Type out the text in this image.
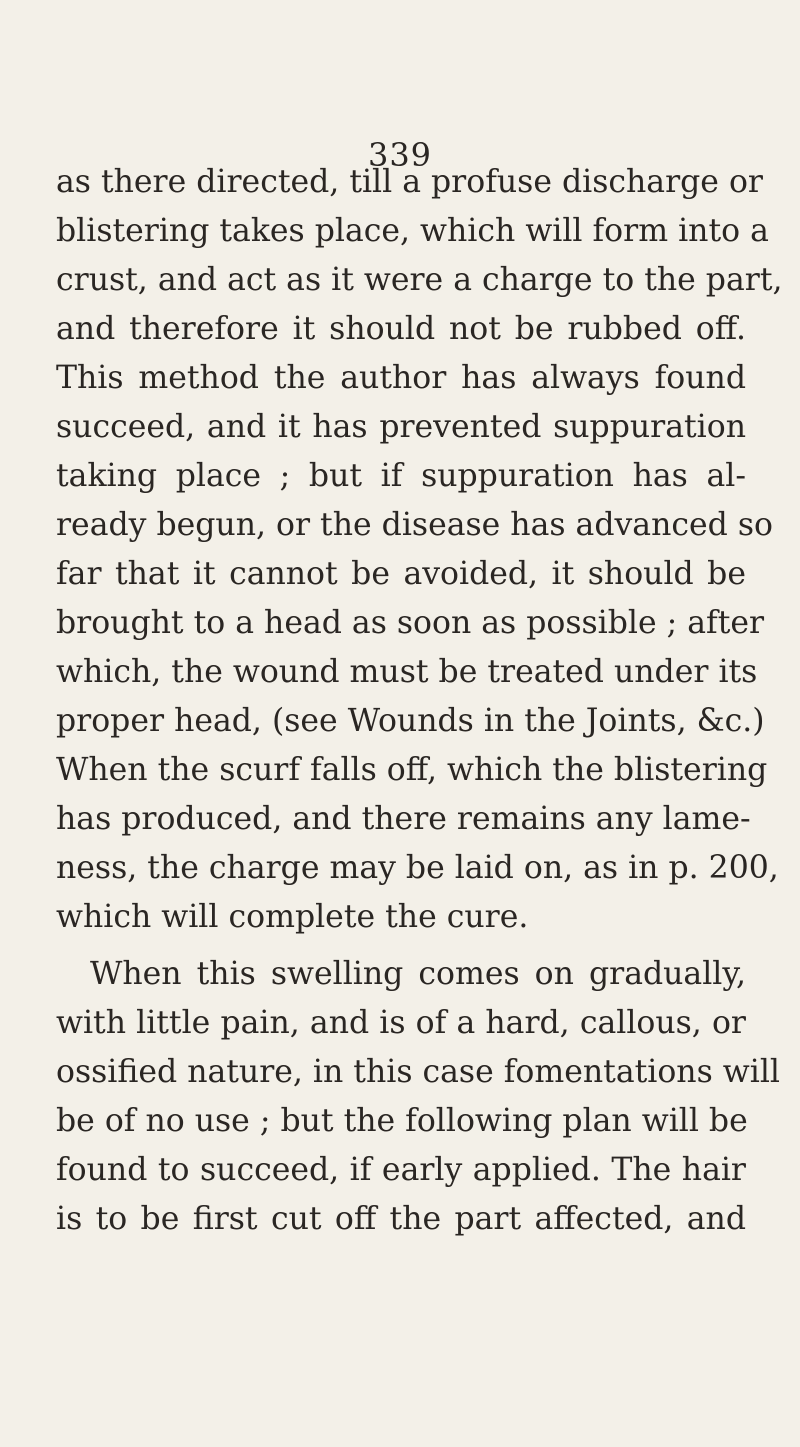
339
as there directed, till a profuse discharge or
blistering takes place, which will form into a
crust, and act as it were a charge to the part,
and therefore it should not be rubbed off.
This method the author has always found
succeed, and it has prevented suppuration
taking place ; but if suppuration has al-
ready begun, or the disease has advanced so
far that it cannot be avoided, it should be
brought to a head as soon as possible ; after
which, the wound must be treated under its
proper head, (see Wounds in the Joints, &c.)
When the scurf falls off, which the blistering
has produced, and there remains any lame-
ness, the charge may be laid on, as in p. 200,
which will complete the cure.
When this swelling comes on gradually,
with little pain, and is of a hard, callous, or
ossified nature, in this case fomentations will
be of no use ; but the following plan will be
found to succeed, if early applied. The hair
is to be first cut off the part affected, and
